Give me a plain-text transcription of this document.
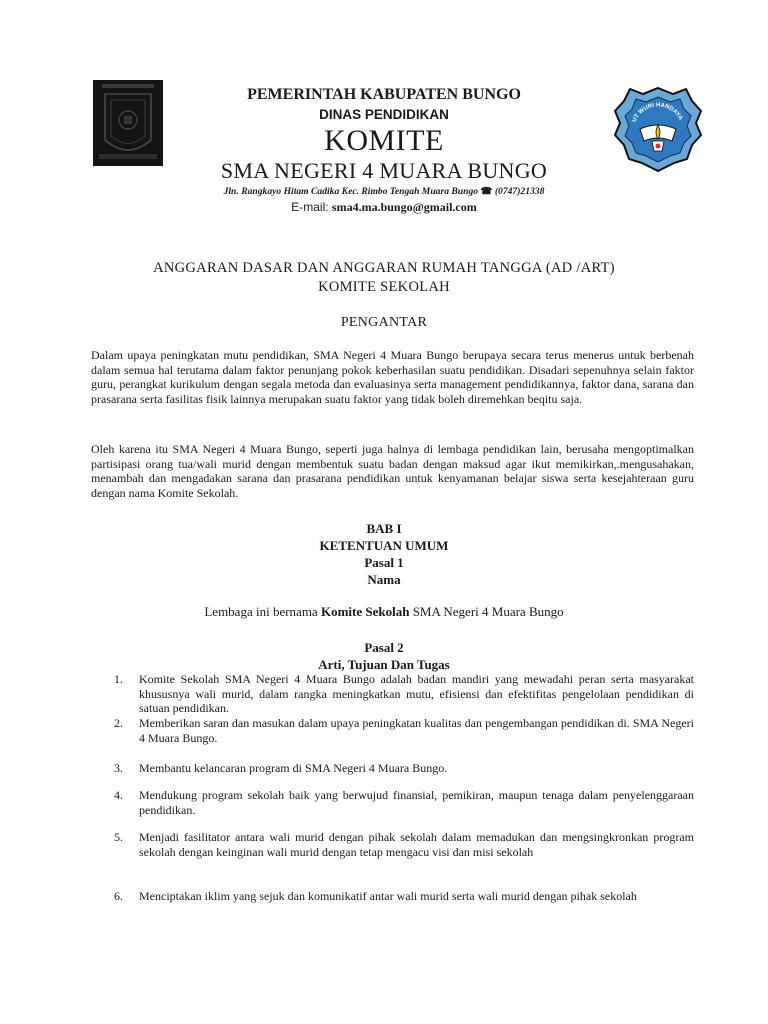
UT WURI HANDAYA
PEMERINTAH KABUPATEN BUNGO
DINAS PENDIDIKAN
KOMITE
SMA NEGERI 4 MUARA BUNGO
Jln. Rangkayo Hitam Cadika Kec. Rimbo Tengah Muara Bungo ☎ (0747)21338
E-mail: sma4.ma.bungo@gmail.com
ANGGARAN DASAR DAN ANGGARAN RUMAH TANGGA (AD /ART)
KOMITE SEKOLAH
PENGANTAR
Dalam upaya peningkatan mutu pendidikan, SMA Negeri 4 Muara Bungo berupaya secara terus menerus untuk berbenah dalam semua hal terutama dalam faktor penunjang pokok keberhasilan suatu pendidikan. Disadari sepenuhnya selain faktor guru, perangkat kurikulum dengan segala metoda dan evaluasinya serta management pendidikannya, faktor dana, sarana dan prasarana serta fasilitas fisik lainnya merupakan suatu faktor yang tidak boleh diremehkan beqitu saja.
Oleh karena itu SMA Negeri 4 Muara Bungo, seperti juga halnya di lembaga pendidikan lain, berusaha mengoptimalkan partisipasi orang tua/wali murid dengan membentuk suatu badan dengan maksud agar ikut memikirkan,.mengusahakan, menambah dan mengadakan sarana dan prasarana pendidikan untuk kenyamanan belajar siswa serta kesejahteraan guru dengan nama Komite Sekolah.
BAB I
KETENTUAN UMUM
Pasal 1
Nama
Lembaga ini bernama Komite Sekolah SMA Negeri 4 Muara Bungo
Pasal 2
Arti, Tujuan Dan Tugas
1.	Komite Sekolah SMA Negeri 4 Muara Bungo adalah badan mandiri yang mewadahi peran serta masyarakat khususnya wali murid, dalam rangka meningkatkan mutu, efisiensi dan efektifitas pengelolaan pendidikan di satuan pendidikan.
2.	Memberikan saran dan masukan dalam upaya peningkatan kualitas dan pengembangan pendidikan di. SMA Negeri 4 Muara Bungo.
3.	Membantu kelancaran program di SMA Negeri 4 Muara Bungo.
4.	Mendukung program sekolah baik yang berwujud finansial, pemikiran, maupun tenaga dalam penyelenggaraan pendidikan.
5.	Menjadi fasilitator antara wali murid dengan pihak sekolah dalam memadukan dan mengsingkronkan program sekolah dengan keinginan wali murid dengan tetap mengacu visi dan misi sekolah
6.	Menciptakan iklim yang sejuk dan komunikatif antar wali murid serta wali murid dengan pihak sekolah
